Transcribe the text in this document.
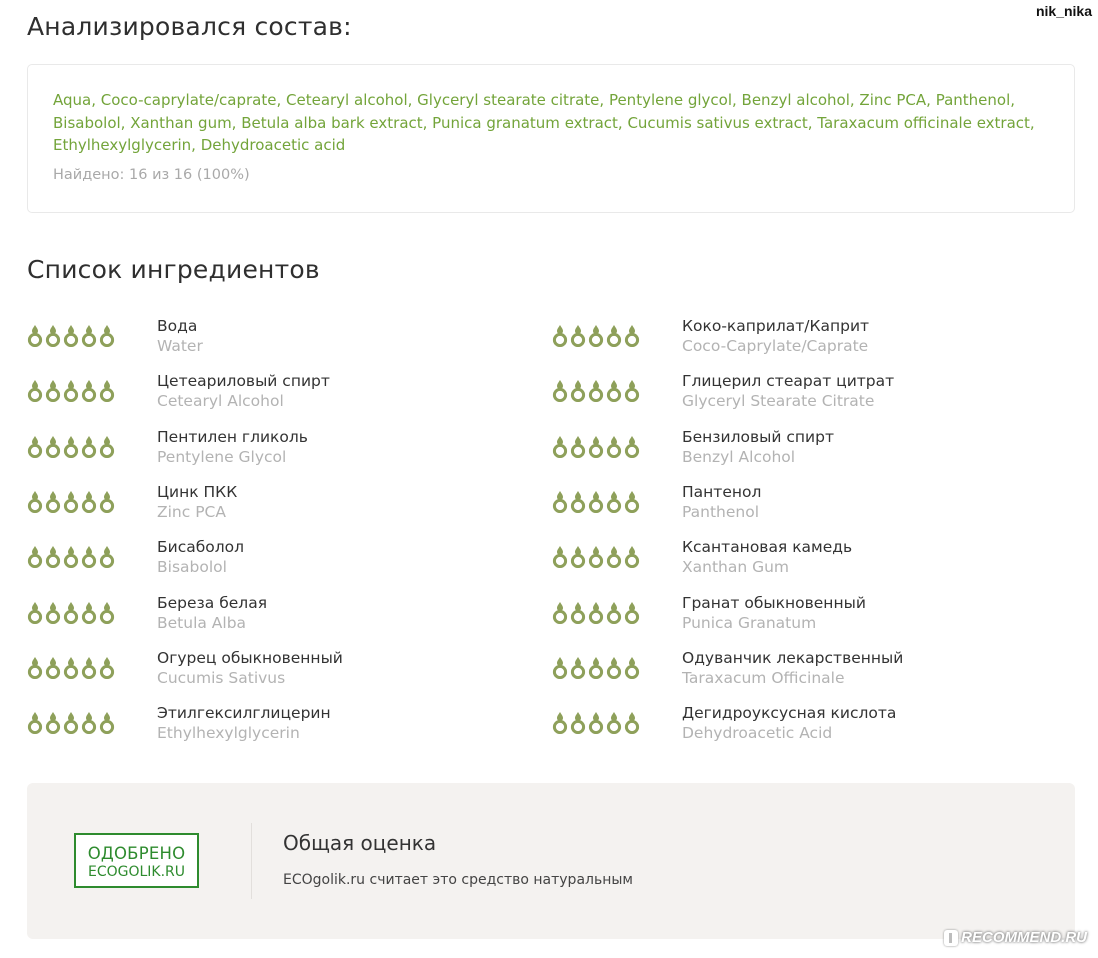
nik_nika
Анализировался состав:
Aqua, Coco-caprylate/caprate, Cetearyl alcohol, Glyceryl stearate citrate, Pentylene glycol, Benzyl alcohol, Zinc PCA, Panthenol, Bisabolol, Xanthan gum, Betula alba bark extract, Punica granatum extract, Cucumis sativus extract, Taraxacum officinale extract, Ethylhexylglycerin, Dehydroacetic acid
Найдено: 16 из 16 (100%)
Список ингредиентов
Вода
Water
Коко-каприлат/Каприт
Coco-Caprylate/Caprate
Цетеариловый спирт
Cetearyl Alcohol
Глицерил стеарат цитрат
Glyceryl Stearate Citrate
Пентилен гликоль
Pentylene Glycol
Бензиловый спирт
Benzyl Alcohol
Цинк ПКК
Zinc PCA
Пантенол
Panthenol
Бисаболол
Bisabolol
Ксантановая камедь
Xanthan Gum
Береза белая
Betula Alba
Гранат обыкновенный
Punica Granatum
Огурец обыкновенный
Cucumis Sativus
Одуванчик лекарственный
Taraxacum Officinale
Этилгексилглицерин
Ethylhexylglycerin
Дегидроуксусная кислота
Dehydroacetic Acid
ОДОБРЕНО
ECOGOLIK.RU
Общая оценка
ECOgolik.ru считает это средство натуральным
RECOMMEND.RU
